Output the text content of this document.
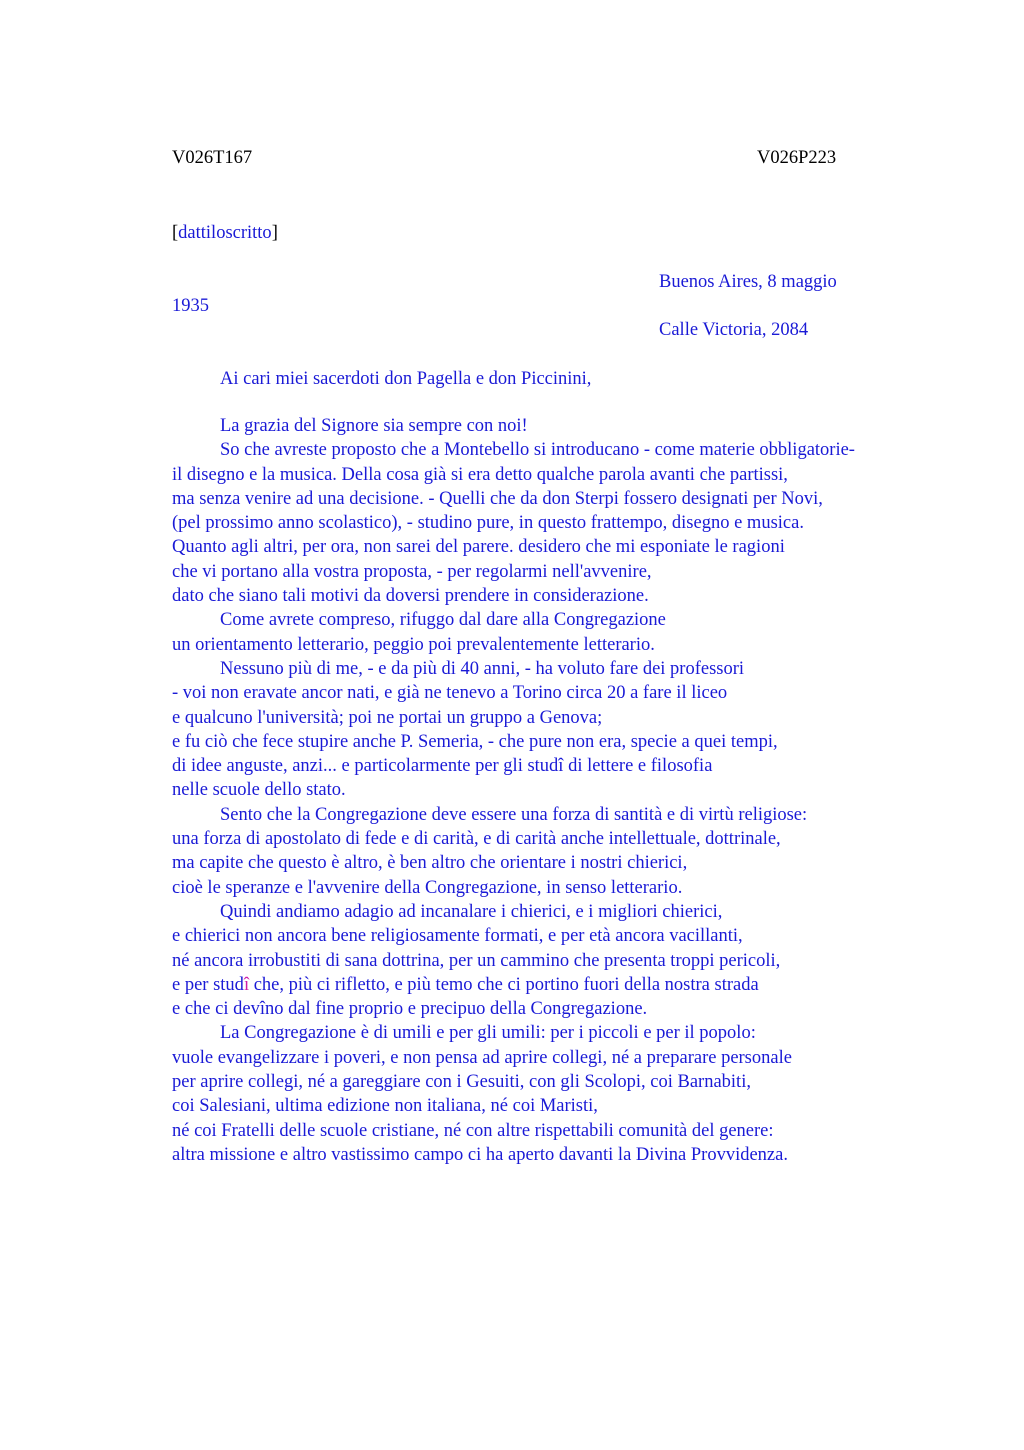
V026T167	V026P223
[dattiloscritto]
Buenos Aires, 8 maggio
1935
Calle Victoria, 2084
Ai cari miei sacerdoti don Pagella e don Piccinini,
La grazia del Signore sia sempre con noi!
So che avreste proposto che a Montebello si introducano - come materie obbligatorie-
il disegno e la musica. Della cosa già si era detto qualche parola avanti che partissi,
ma senza venire ad una decisione. - Quelli che da don Sterpi fossero designati per Novi,
(pel prossimo anno scolastico), - studino pure, in questo frattempo, disegno e musica.
Quanto agli altri, per ora, non sarei del parere. desidero che mi esponiate le ragioni
che vi portano alla vostra proposta, - per regolarmi nell'avvenire,
dato che siano tali motivi da doversi prendere in considerazione.
Come avrete compreso, rifuggo dal dare alla Congregazione
un orientamento letterario, peggio poi prevalentemente letterario.
Nessuno più di me, - e da più di 40 anni, - ha voluto fare dei professori
- voi non eravate ancor nati, e già ne tenevo a Torino circa 20 a fare il liceo
e qualcuno l'università; poi ne portai un gruppo a Genova;
e fu ciò che fece stupire anche P. Semeria, - che pure non era, specie a quei tempi,
di idee anguste, anzi... e particolarmente per gli studî di lettere e filosofia
nelle scuole dello stato.
Sento che la Congregazione deve essere una forza di santità e di virtù religiose:
una forza di apostolato di fede e di carità, e di carità anche intellettuale, dottrinale,
ma capite che questo è altro, è ben altro che orientare i nostri chierici,
cioè le speranze e l'avvenire della Congregazione, in senso letterario.
Quindi andiamo adagio ad incanalare i chierici, e i migliori chierici,
e chierici non ancora bene religiosamente formati, e per età ancora vacillanti,
né ancora irrobustiti di sana dottrina, per un cammino che presenta troppi pericoli,
e per studî che, più ci rifletto, e più temo che ci portino fuori della nostra strada
e che ci devîno dal fine proprio e precipuo della Congregazione.
La Congregazione è di umili e per gli umili: per i piccoli e per il popolo:
vuole evangelizzare i poveri, e non pensa ad aprire collegi, né a preparare personale
per aprire collegi, né a gareggiare con i Gesuiti, con gli Scolopi, coi Barnabiti,
coi Salesiani, ultima edizione non italiana, né coi Maristi,
né coi Fratelli delle scuole cristiane, né con altre rispettabili comunità del genere:
altra missione e altro vastissimo campo ci ha aperto davanti la Divina Provvidenza.
